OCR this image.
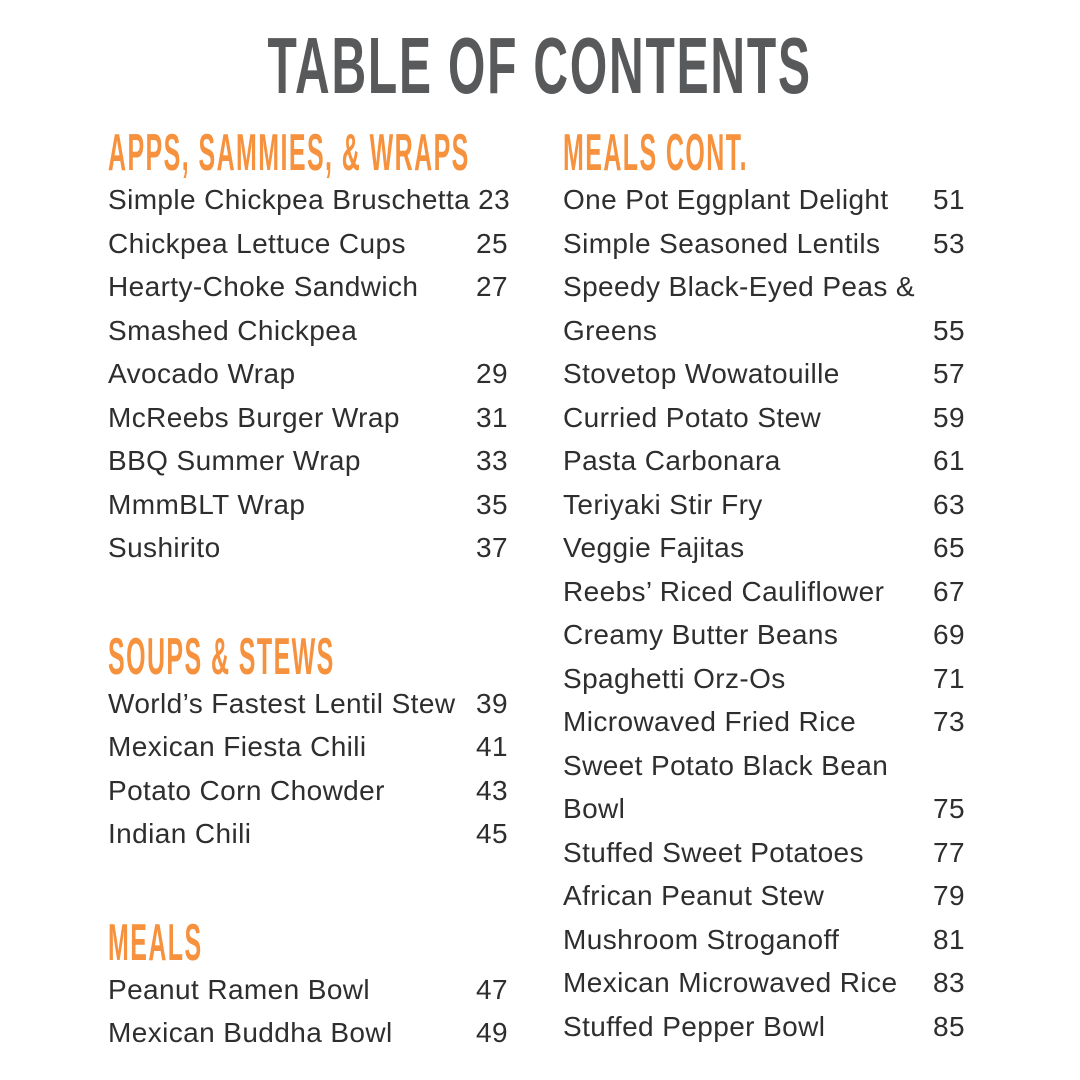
TABLE OF CONTENTS
APPS, SAMMIES, & WRAPS
Simple Chickpea Bruschetta 23
Chickpea Lettuce Cups	25
Hearty-Choke Sandwich	27
Smashed Chickpea
Avocado Wrap	29
McReebs Burger Wrap	31
BBQ Summer Wrap	33
MmmBLT Wrap	35
Sushirito	37
SOUPS & STEWS
World’s Fastest Lentil Stew 39
Mexican Fiesta Chili	41
Potato Corn Chowder	43
Indian Chili	45
MEALS
Peanut Ramen Bowl	47
Mexican Buddha Bowl	49
MEALS CONT.
One Pot Eggplant Delight	51
Simple Seasoned Lentils	53
Speedy Black-Eyed Peas &
Greens	55
Stovetop Wowatouille	57
Curried Potato Stew	59
Pasta Carbonara	61
Teriyaki Stir Fry	63
Veggie Fajitas	65
Reebs’ Riced Cauliflower	67
Creamy Butter Beans	69
Spaghetti Orz-Os	71
Microwaved Fried Rice	73
Sweet Potato Black Bean
Bowl	75
Stuffed Sweet Potatoes	77
African Peanut Stew	79
Mushroom Stroganoff	81
Mexican Microwaved Rice	83
Stuffed Pepper Bowl	85
